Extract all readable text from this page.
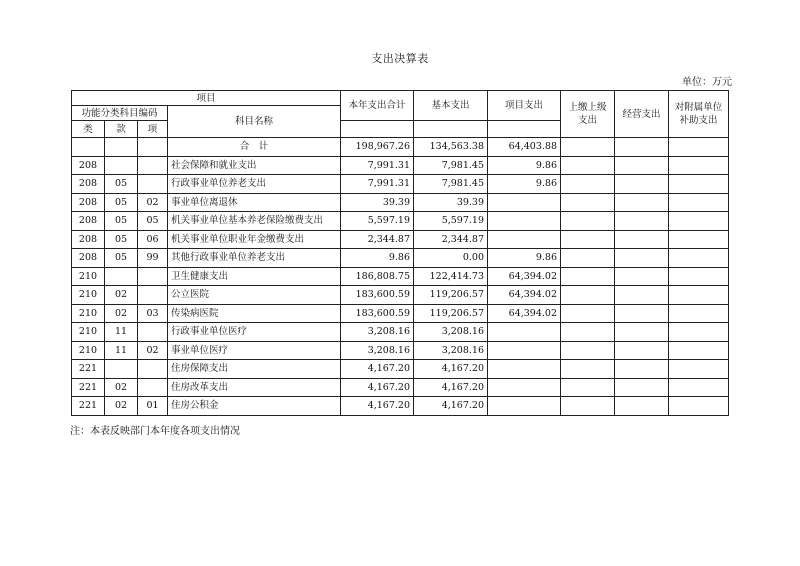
支出决算表
单位：万元
项目				本年支出合计	基本支出	项目支出	上缴上级支出	经营支出	对附属单位补助支出
功能分类科目编码			科目名称						
类	款	项							
			合　计	198,967.26	134,563.38	64,403.88			
208			社会保障和就业支出	7,991.31	7,981.45	9.86			
208	05		行政事业单位养老支出	7,991.31	7,981.45	9.86			
208	05	02	事业单位离退休	39.39	39.39				
208	05	05	机关事业单位基本养老保险缴费支出	5,597.19	5,597.19				
208	05	06	机关事业单位职业年金缴费支出	2,344.87	2,344.87				
208	05	99	其他行政事业单位养老支出	9.86	0.00	9.86			
210			卫生健康支出	186,808.75	122,414.73	64,394.02			
210	02		公立医院	183,600.59	119,206.57	64,394.02			
210	02	03	传染病医院	183,600.59	119,206.57	64,394.02			
210	11		行政事业单位医疗	3,208.16	3,208.16				
210	11	02	事业单位医疗	3,208.16	3,208.16				
221			住房保障支出	4,167.20	4,167.20				
221	02		住房改革支出	4,167.20	4,167.20				
221	02	01	住房公积金	4,167.20	4,167.20				
注：本表反映部门本年度各项支出情况
